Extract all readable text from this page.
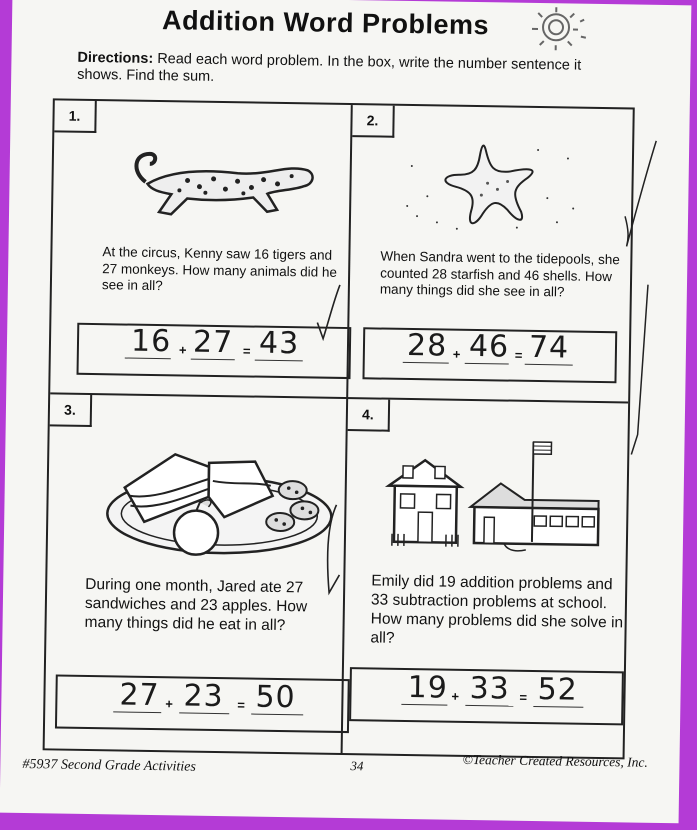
Addition Word Problems
Directions: Read each word problem. In the box, write the number sentence it shows. Find the sum.
1.
At the circus, Kenny saw 16 tigers and 27 monkeys. How many animals did he see in all?
16 + 27 = 43
2.
When Sandra went to the tidepools, she counted 28 starfish and 46 shells. How many things did she see in all?
28 + 46 = 74
3.
During one month, Jared ate 27 sandwiches and 23 apples. How many things did he eat in all?
27 + 23 = 50
4.
Emily did 19 addition problems and 33 subtraction problems at school. How many problems did she solve in all?
19 + 33 = 52
#5937 Second Grade Activities	34	©Teacher Created Resources, Inc.
